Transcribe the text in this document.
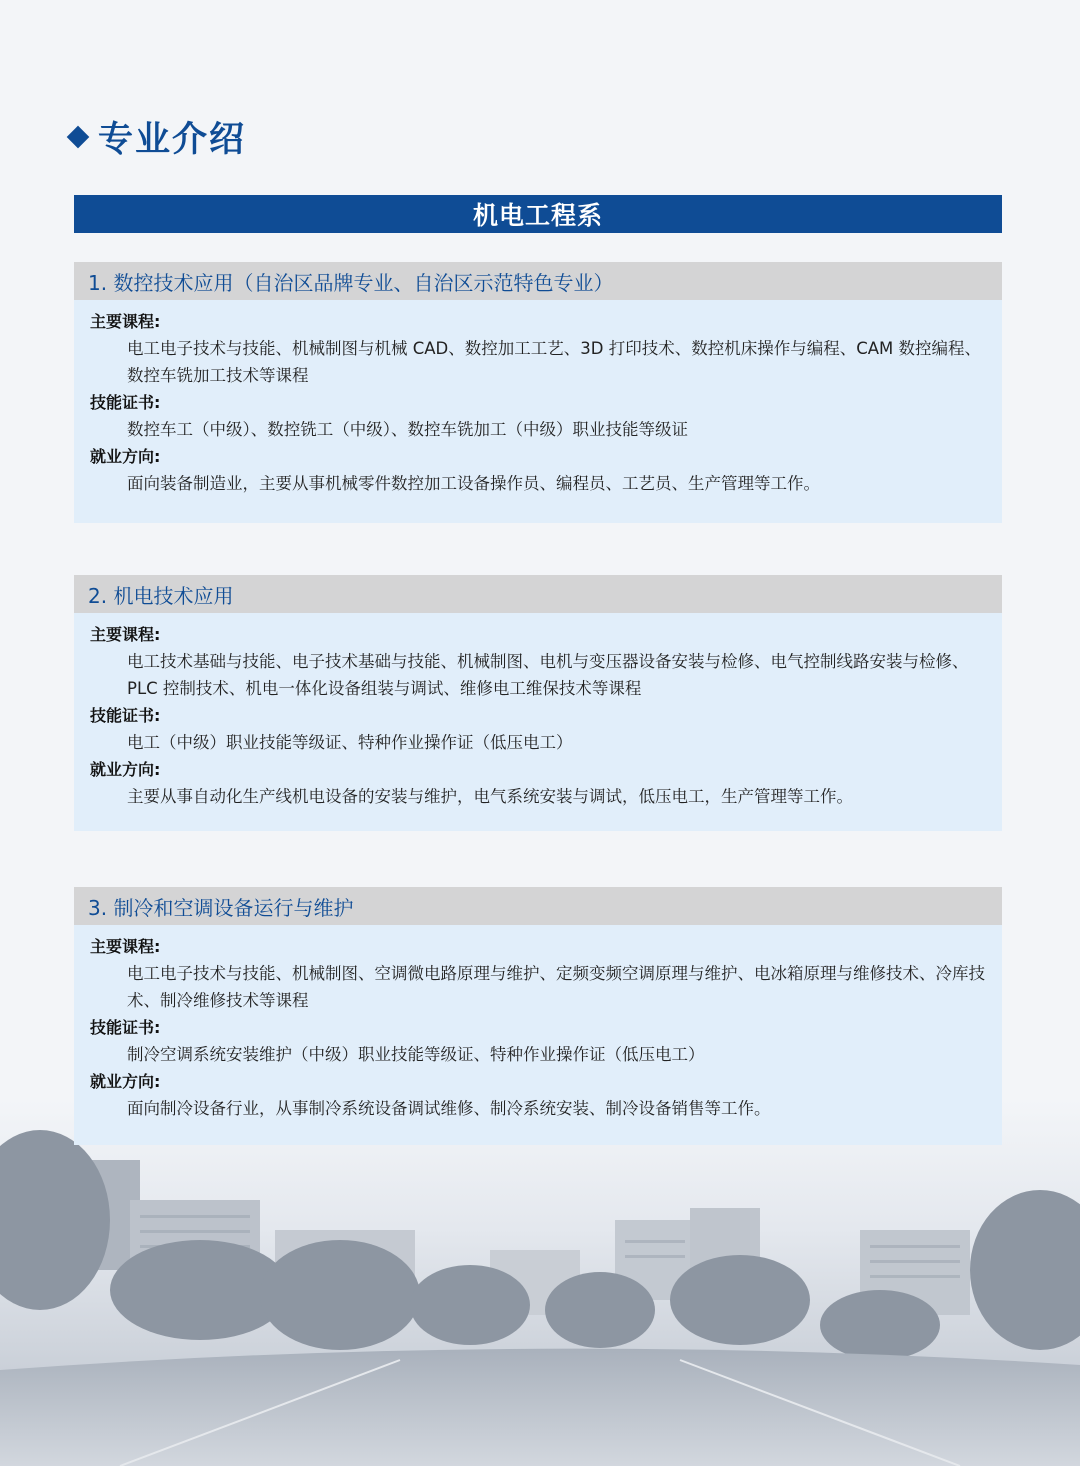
专业介绍
机电工程系
1. 数控技术应用（自治区品牌专业、自治区示范特色专业）
主要课程:
电工电子技术与技能、机械制图与机械 CAD、数控加工工艺、3D 打印技术、数控机床操作与编程、CAM 数控编程、数控车铣加工技术等课程
技能证书:
数控车工（中级）、数控铣工（中级）、数控车铣加工（中级）职业技能等级证
就业方向:
面向装备制造业，主要从事机械零件数控加工设备操作员、编程员、工艺员、生产管理等工作。
2. 机电技术应用
主要课程:
电工技术基础与技能、电子技术基础与技能、机械制图、电机与变压器设备安装与检修、电气控制线路安装与检修、PLC 控制技术、机电一体化设备组装与调试、维修电工维保技术等课程
技能证书:
电工（中级）职业技能等级证、特种作业操作证（低压电工）
就业方向:
主要从事自动化生产线机电设备的安装与维护，电气系统安装与调试，低压电工，生产管理等工作。
3. 制冷和空调设备运行与维护
主要课程:
电工电子技术与技能、机械制图、空调微电路原理与维护、定频变频空调原理与维护、电冰箱原理与维修技术、冷库技术、制冷维修技术等课程
技能证书:
制冷空调系统安装维护（中级）职业技能等级证、特种作业操作证（低压电工）
就业方向:
面向制冷设备行业，从事制冷系统设备调试维修、制冷系统安装、制冷设备销售等工作。
